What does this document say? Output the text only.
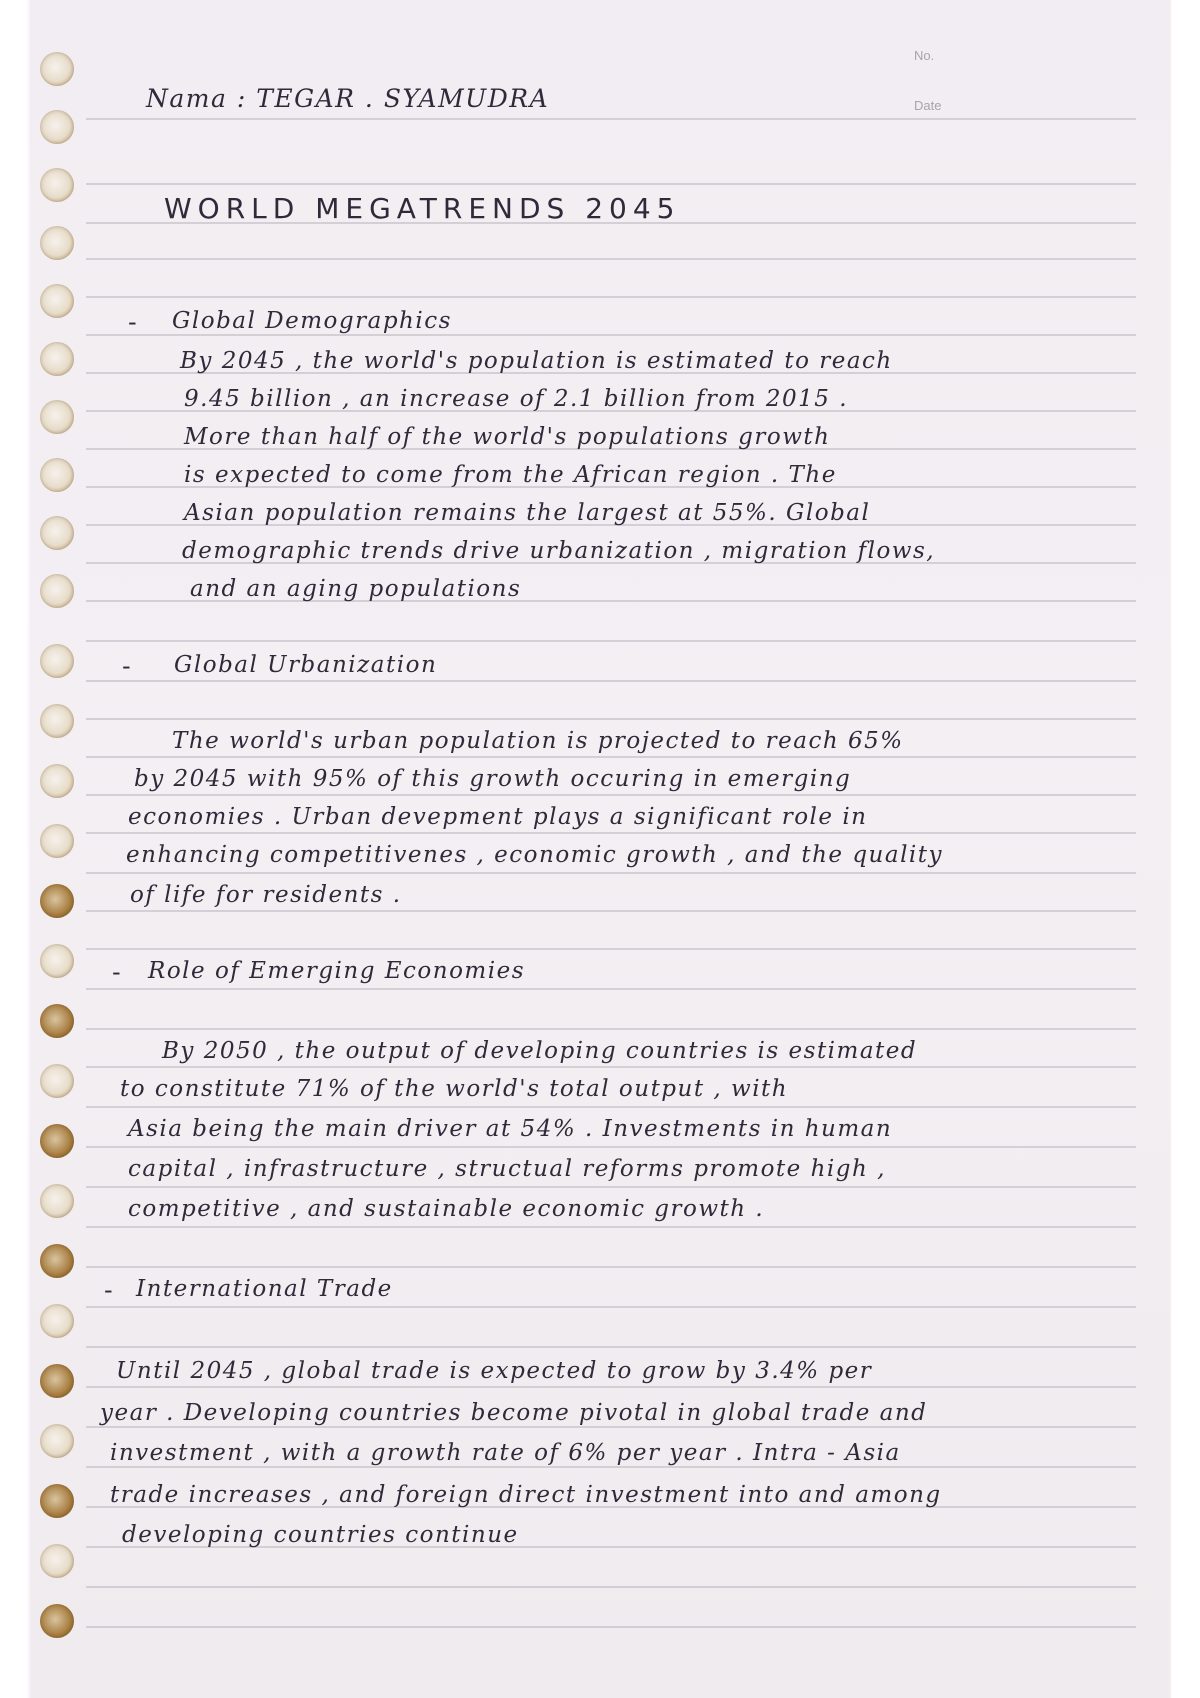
No.
Date
Nama : TEGAR . SYAMUDRA
WORLD MEGATRENDS 2045
- Global Demographics
By 2045 , the world's population is estimated to reach
9.45 billion , an increase of 2.1 billion from 2015 .
More than half of the world's populations growth
is expected to come from the African region . The
Asian population remains the largest at 55%. Global
demographic trends drive urbanization , migration flows,
and an aging populations
- Global Urbanization
The world's urban population is projected to reach 65%
by 2045 with 95% of this growth occuring in emerging
economies . Urban devepment plays a significant role in
enhancing competitivenes , economic growth , and the quality
of life for residents .
- Role of Emerging Economies
By 2050 , the output of developing countries is estimated
to constitute 71% of the world's total output , with
Asia being the main driver at 54% . Investments in human
capital , infrastructure , structual reforms promote high ,
competitive , and sustainable economic growth .
- International Trade
Until 2045 , global trade is expected to grow by 3.4% per
year . Developing countries become pivotal in global trade and
investment , with a growth rate of 6% per year . Intra - Asia
trade increases , and foreign direct investment into and among
developing countries continue
